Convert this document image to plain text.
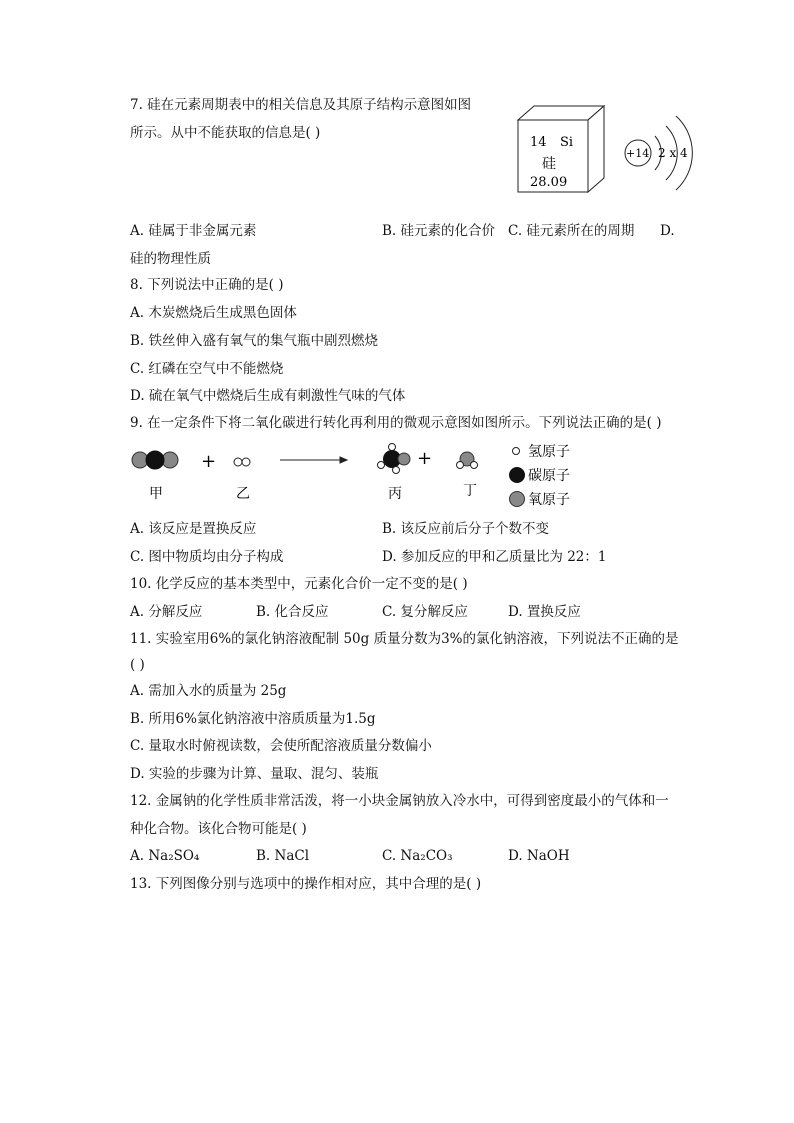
7. 硅在元素周期表中的相关信息及其原子结构示意图如图
所示。从中不能获取的信息是( )
14 Si
硅
28.09
+14 2 x 4
A. 硅属于非金属元素	B. 硅元素的化合价 C. 硅元素所在的周期 D.
硅的物理性质
8. 下列说法中正确的是( )
A. 木炭燃烧后生成黑色固体
B. 铁丝伸入盛有氧气的集气瓶中剧烈燃烧
C. 红磷在空气中不能燃烧
D. 硫在氧气中燃烧后生成有刺激性气味的气体
9. 在一定条件下将二氧化碳进行转化再利用的微观示意图如图所示。下列说法正确的是( )
+	+
甲	乙	丙	丁
氢原子
碳原子
氧原子
A. 该反应是置换反应	B. 该反应前后分子个数不变
C. 图中物质均由分子构成	D. 参加反应的甲和乙质量比为 22：1
10. 化学反应的基本类型中，元素化合价一定不变的是( )
A. 分解反应	B. 化合反应	C. 复分解反应	D. 置换反应
11. 实验室用6%的氯化钠溶液配制 50g 质量分数为3%的氯化钠溶液，下列说法不正确的是
( )
A. 需加入水的质量为 25g
B. 所用6%氯化钠溶液中溶质质量为1.5g
C. 量取水时俯视读数，会使所配溶液质量分数偏小
D. 实验的步骤为计算、量取、混匀、装瓶
12. 金属钠的化学性质非常活泼，将一小块金属钠放入冷水中，可得到密度最小的气体和一
种化合物。该化合物可能是( )
A. Na₂SO₄	B. NaCl	C. Na₂CO₃	D. NaOH
13. 下列图像分别与选项中的操作相对应，其中合理的是( )
